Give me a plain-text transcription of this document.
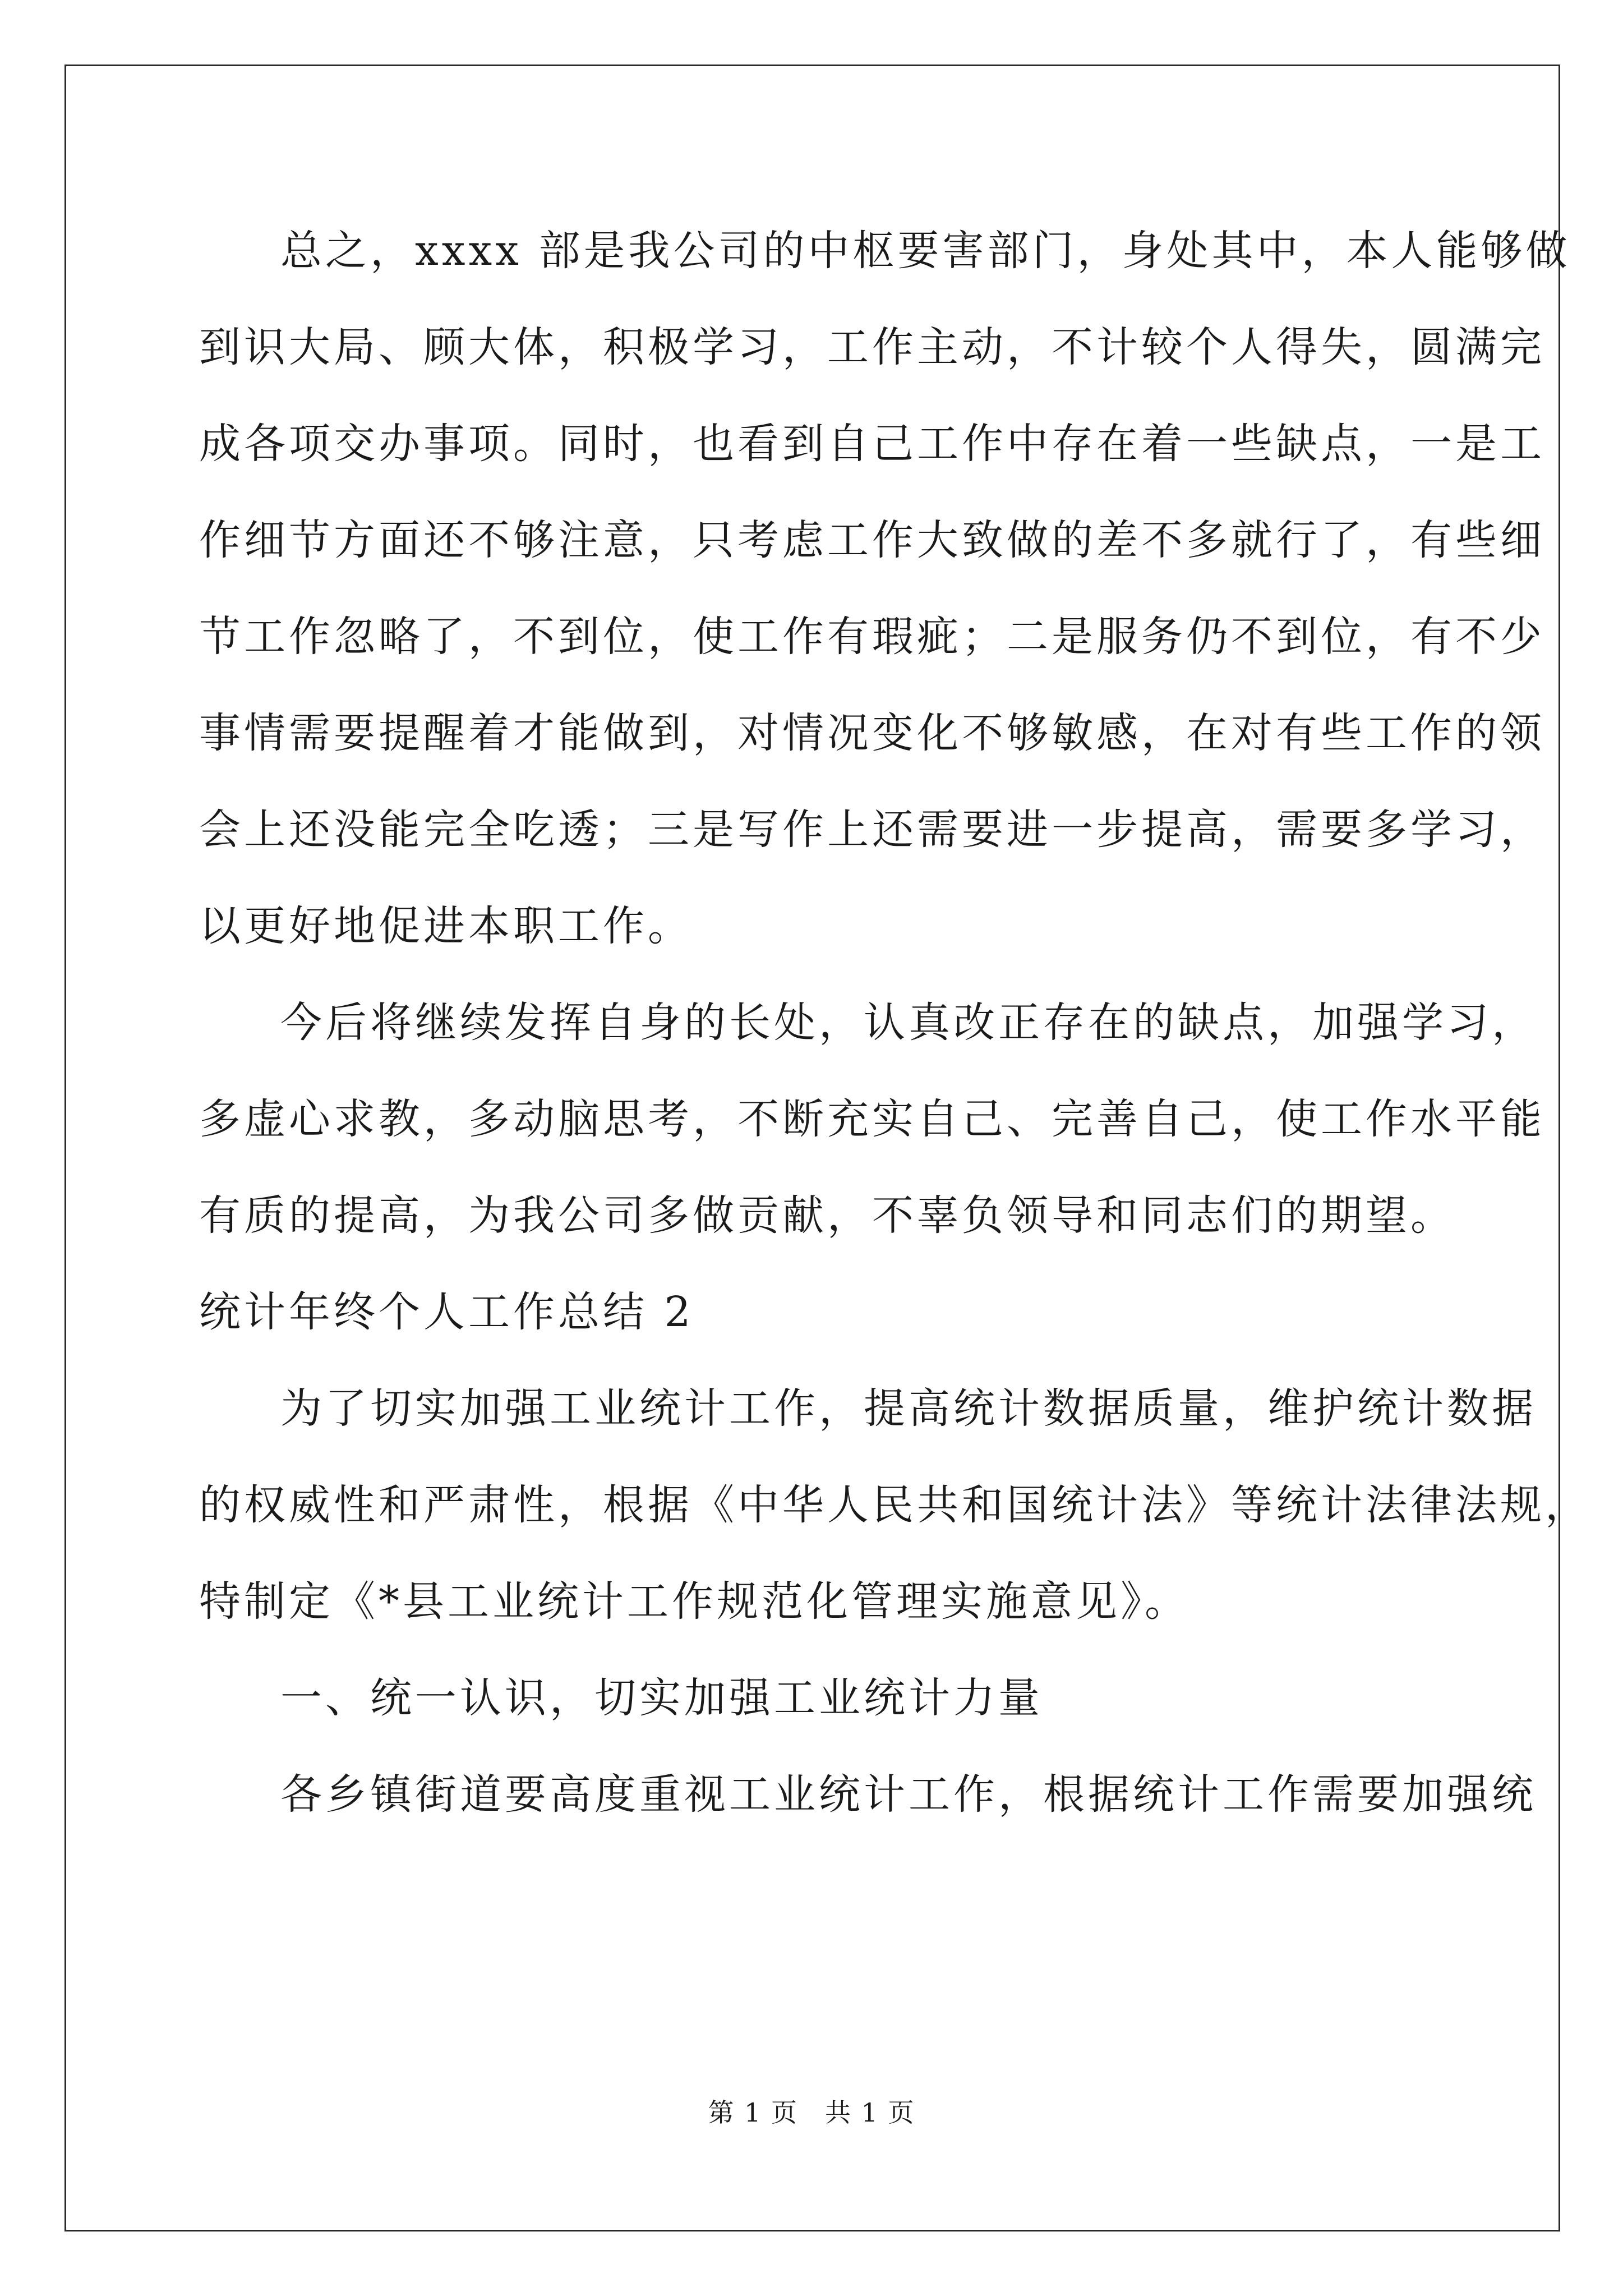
总之，xxxx 部是我公司的中枢要害部门，身处其中，本人能够做
到识大局、顾大体，积极学习，工作主动，不计较个人得失，圆满完
成各项交办事项。同时，也看到自己工作中存在着一些缺点，一是工
作细节方面还不够注意，只考虑工作大致做的差不多就行了，有些细
节工作忽略了，不到位，使工作有瑕疵；二是服务仍不到位，有不少
事情需要提醒着才能做到，对情况变化不够敏感，在对有些工作的领
会上还没能完全吃透；三是写作上还需要进一步提高，需要多学习，
以更好地促进本职工作。
今后将继续发挥自身的长处，认真改正存在的缺点，加强学习，
多虚心求教，多动脑思考，不断充实自己、完善自己，使工作水平能
有质的提高，为我公司多做贡献，不辜负领导和同志们的期望。
统计年终个人工作总结 2
为了切实加强工业统计工作，提高统计数据质量，维护统计数据
的权威性和严肃性，根据《中华人民共和国统计法》等统计法律法规，
特制定《*县工业统计工作规范化管理实施意见》。
一、统一认识，切实加强工业统计力量
各乡镇街道要高度重视工业统计工作，根据统计工作需要加强统
第 1 页　共 1 页
